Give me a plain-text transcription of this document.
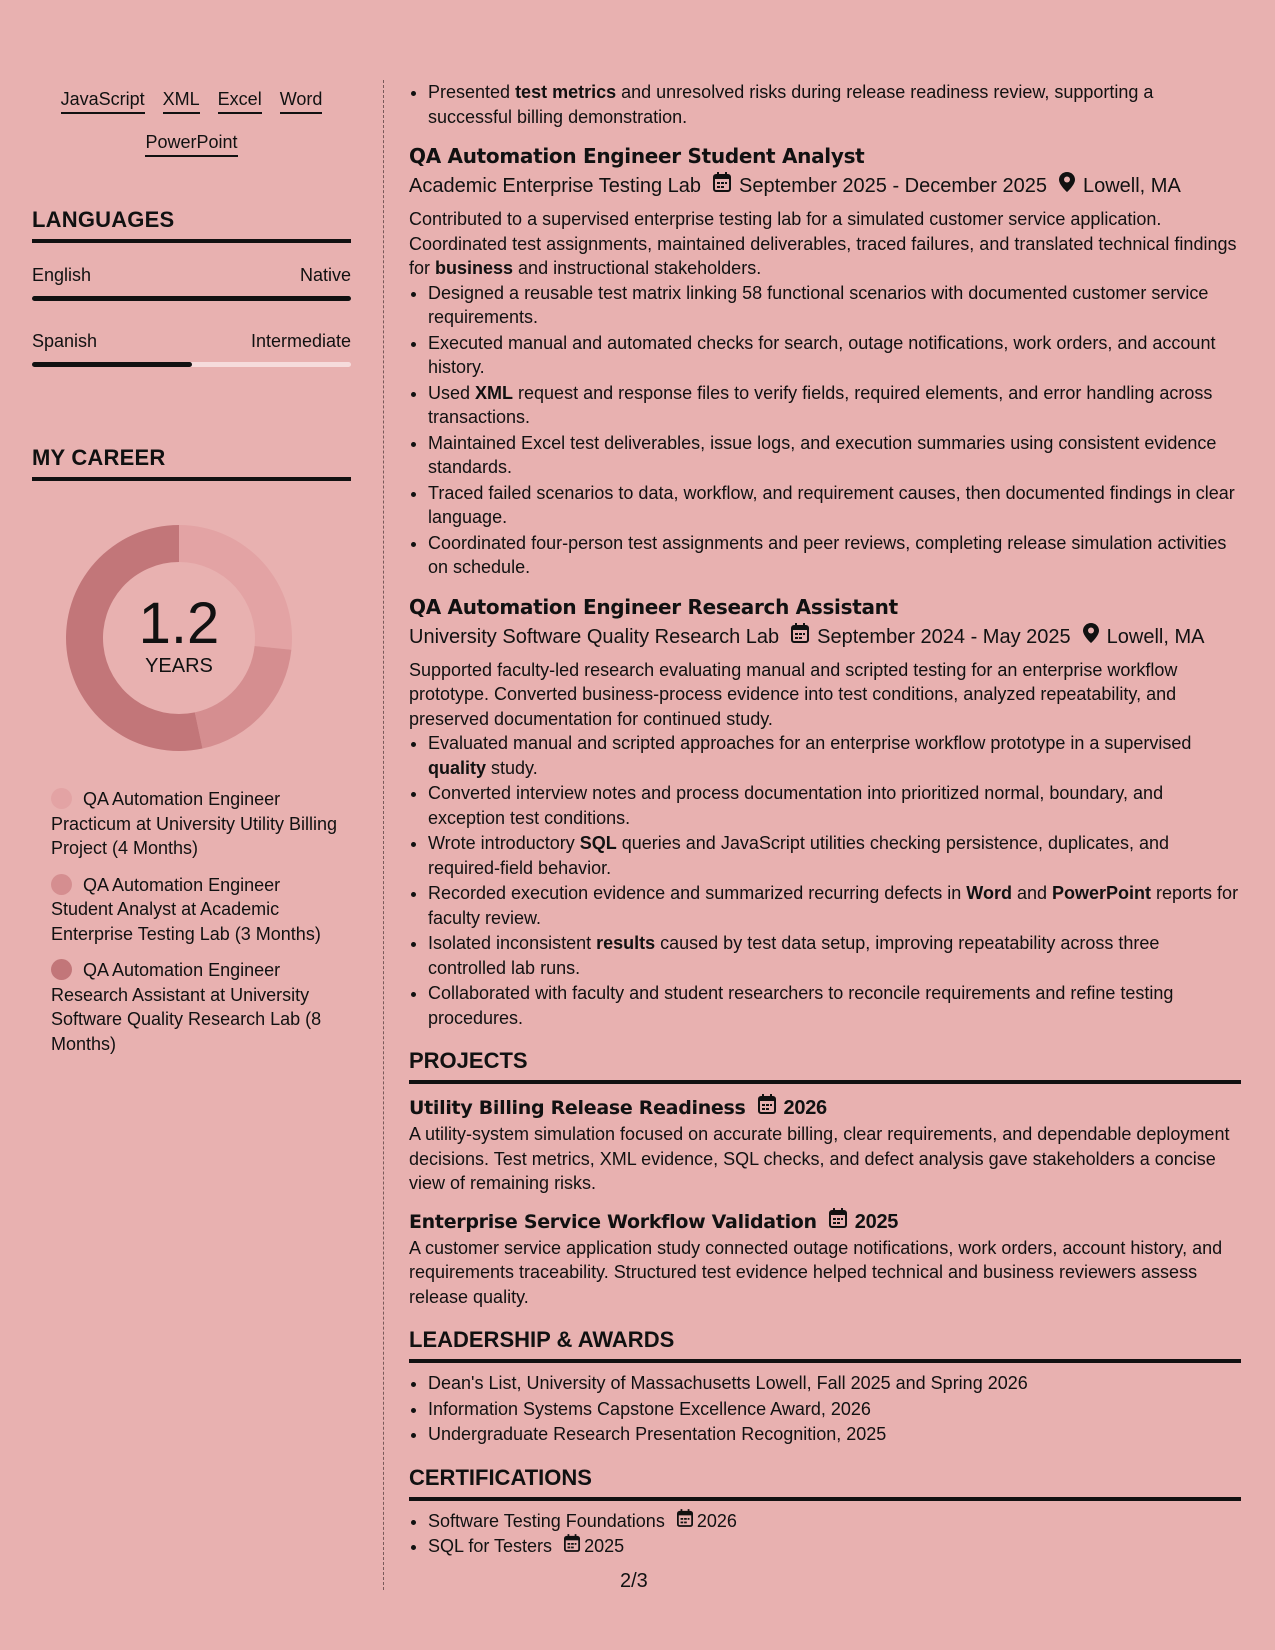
JavaScript XML Excel Word
PowerPoint
LANGUAGES
English	Native
Spanish	Intermediate
MY CAREER
1.2
YEARS
QA Automation Engineer Practicum at University Utility Billing Project (4 Months)
QA Automation Engineer Student Analyst at Academic Enterprise Testing Lab (3 Months)
QA Automation Engineer Research Assistant at University Software Quality Research Lab (8 Months)
• Presented test metrics and unresolved risks during release readiness review, supporting a successful billing demonstration.
QA Automation Engineer Student Analyst
Academic Enterprise Testing Lab September 2025 - December 2025 Lowell, MA
Contributed to a supervised enterprise testing lab for a simulated customer service application. Coordinated test assignments, maintained deliverables, traced failures, and translated technical findings for business and instructional stakeholders.
• Designed a reusable test matrix linking 58 functional scenarios with documented customer service requirements.
• Executed manual and automated checks for search, outage notifications, work orders, and account history.
• Used XML request and response files to verify fields, required elements, and error handling across transactions.
• Maintained Excel test deliverables, issue logs, and execution summaries using consistent evidence standards.
• Traced failed scenarios to data, workflow, and requirement causes, then documented findings in clear language.
• Coordinated four-person test assignments and peer reviews, completing release simulation activities on schedule.
QA Automation Engineer Research Assistant
University Software Quality Research Lab September 2024 - May 2025 Lowell, MA
Supported faculty-led research evaluating manual and scripted testing for an enterprise workflow prototype. Converted business-process evidence into test conditions, analyzed repeatability, and preserved documentation for continued study.
• Evaluated manual and scripted approaches for an enterprise workflow prototype in a supervised quality study.
• Converted interview notes and process documentation into prioritized normal, boundary, and exception test conditions.
• Wrote introductory SQL queries and JavaScript utilities checking persistence, duplicates, and required-field behavior.
• Recorded execution evidence and summarized recurring defects in Word and PowerPoint reports for faculty review.
• Isolated inconsistent results caused by test data setup, improving repeatability across three controlled lab runs.
• Collaborated with faculty and student researchers to reconcile requirements and refine testing procedures.
PROJECTS
Utility Billing Release Readiness 2026
A utility-system simulation focused on accurate billing, clear requirements, and dependable deployment decisions. Test metrics, XML evidence, SQL checks, and defect analysis gave stakeholders a concise view of remaining risks.
Enterprise Service Workflow Validation 2025
A customer service application study connected outage notifications, work orders, account history, and requirements traceability. Structured test evidence helped technical and business reviewers assess release quality.
LEADERSHIP & AWARDS
• Dean's List, University of Massachusetts Lowell, Fall 2025 and Spring 2026
• Information Systems Capstone Excellence Award, 2026
• Undergraduate Research Presentation Recognition, 2025
CERTIFICATIONS
• Software Testing Foundations 2026
• SQL for Testers 2025
2/3
